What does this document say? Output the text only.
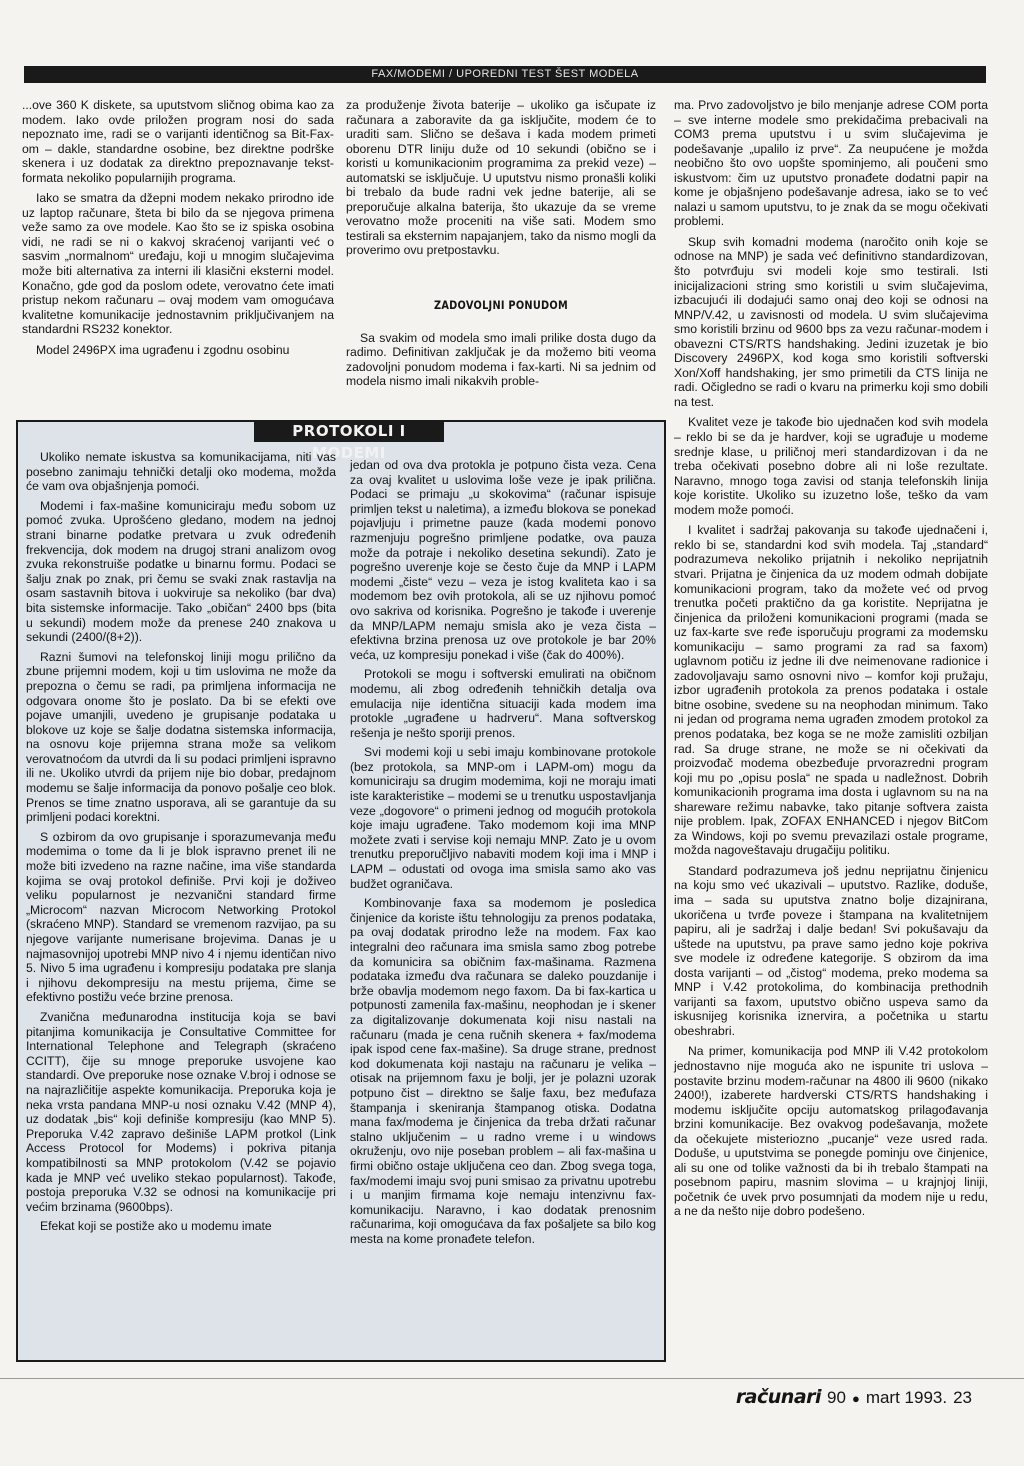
FAX/MODEMI / UPOREDNI TEST ŠEST MODELA

...ove 360 K diskete, sa uputstvom sličnog obima kao za modem. Iako ovde priložen program nosi do sada nepoznato ime, radi se o varijanti identičnog sa Bit-Fax-om – dakle, standardne osobine, bez direktne podrške skenera i uz dodatak za direktno prepoznavanje tekst-formata nekoliko popularnijih programa.

Iako se smatra da džepni modem nekako prirodno ide uz laptop računare, šteta bi bilo da se njegova primena veže samo za ove modele. Kao što se iz spiska osobina vidi, ne radi se ni o kakvoj skraćenoj varijanti već o sasvim „normalnom“ uređaju, koji u mnogim slučajevima može biti alternativa za interni ili klasični eksterni model. Konačno, gde god da poslom odete, verovatno ćete imati pristup nekom računaru – ovaj modem vam omogućava kvalitetne komunikacije jednostavnim priključivanjem na standardni RS232 konektor.

Model 2496PX ima ugrađenu i zgodnu osobinu

za produženje života baterije – ukoliko ga isčupate iz računara a zaboravite da ga isključite, modem će to uraditi sam. Slično se dešava i kada modem primeti oborenu DTR liniju duže od 10 sekundi (obično se i koristi u komunikacionim programima za prekid veze) – automatski se isključuje. U uputstvu nismo pronašli koliki bi trebalo da bude radni vek jedne baterije, ali se preporučuje alkalna baterija, što ukazuje da se vreme verovatno može proceniti na više sati. Modem smo testirali sa eksternim napajanjem, tako da nismo mogli da proverimo ovu pretpostavku.

ZADOVOLJNI PONUDOM

Sa svakim od modela smo imali prilike dosta dugo da radimo. Definitivan zaključak je da možemo biti veoma zadovoljni ponudom modema i fax-karti. Ni sa jednim od modela nismo imali nikakvih proble-

ma. Prvo zadovoljstvo je bilo menjanje adrese COM porta – sve interne modele smo prekidačima prebacivali na COM3 prema uputstvu i u svim slučajevima je podešavanje „upalilo iz prve“. Za neupućene je možda neobično što ovo uopšte spominjemo, ali poučeni smo iskustvom: čim uz uputstvo pronađete dodatni papir na kome je objašnjeno podešavanje adresa, iako se to već nalazi u samom uputstvu, to je znak da se mogu očekivati problemi.

Skup svih komadni modema (naročito onih koje se odnose na MNP) je sada već definitivno standardizovan, što potvrđuju svi modeli koje smo testirali. Isti inicijalizacioni string smo koristili u svim slučajevima, izbacujući ili dodajući samo onaj deo koji se odnosi na MNP/V.42, u zavisnosti od modela. U svim slučajevima smo koristili brzinu od 9600 bps za vezu računar-modem i obavezni CTS/RTS handshaking. Jedini izuzetak je bio Discovery 2496PX, kod koga smo koristili softverski Xon/Xoff handshaking, jer smo primetili da CTS linija ne radi. Očigledno se radi o kvaru na primerku koji smo dobili na test.

Kvalitet veze je takođe bio ujednačen kod svih modela – reklo bi se da je hardver, koji se ugrađuje u modeme srednje klase, u priličnoj meri standardizovan i da ne treba očekivati posebno dobre ali ni loše rezultate. Naravno, mnogo toga zavisi od stanja telefonskih linija koje koristite. Ukoliko su izuzetno loše, teško da vam modem može pomoći.

I kvalitet i sadržaj pakovanja su takođe ujednačeni i, reklo bi se, standardni kod svih modela. Taj „standard“ podrazumeva nekoliko prijatnih i nekoliko neprijatnih stvari. Prijatna je činjenica da uz modem odmah dobijate komunikacioni program, tako da možete već od prvog trenutka početi praktično da ga koristite. Neprijatna je činjenica da priloženi komunikacioni programi (mada se uz fax-karte sve ređe isporučuju programi za modemsku komunikaciju – samo programi za rad sa faxom) uglavnom potiču iz jedne ili dve neimenovane radionice i zadovoljavaju samo osnovni nivo – komfor koji pružaju, izbor ugrađenih protokola za prenos podataka i ostale bitne osobine, svedene su na neophodan minimum. Tako ni jedan od programa nema ugrađen zmodem protokol za prenos podataka, bez koga se ne može zamisliti ozbiljan rad. Sa druge strane, ne može se ni očekivati da proizvođač modema obezbeđuje prvorazredni program koji mu po „opisu posla“ ne spada u nadležnost. Dobrih komunikacionih programa ima dosta i uglavnom su na na shareware režimu nabavke, tako pitanje softvera zaista nije problem. Ipak, ZOFAX ENHANCED i njegov BitCom za Windows, koji po svemu prevazilazi ostale programe, možda nagoveštavaju drugačiju politiku.

Standard podrazumeva još jednu neprijatnu činjenicu na koju smo već ukazivali – uputstvo. Razlike, doduše, ima – sada su uputstva znatno bolje dizajnirana, ukoričena u tvrđe poveze i štampana na kvalitetnijem papiru, ali je sadržaj i dalje bedan! Svi pokušavaju da uštede na uputstvu, pa prave samo jedno koje pokriva sve modele iz određene kategorije. S obzirom da ima dosta varijanti – od „čistog“ modema, preko modema sa MNP i V.42 protokolima, do kombinacija prethodnih varijanti sa faxom, uputstvo obično uspeva samo da iskusnijeg korisnika iznervira, a početnika u startu obeshrabri.

Na primer, komunikacija pod MNP ili V.42 protokolom jednostavno nije moguća ako ne ispunite tri uslova – postavite brzinu modem-računar na 4800 ili 9600 (nikako 2400!), izaberete hardverski CTS/RTS handshaking i modemu isključite opciju automatskog prilagođavanja brzini komunikacije. Bez ovakvog podešavanja, možete da očekujete misteriozno „pucanje“ veze usred rada. Doduše, u uputstvima se ponegde pominju ove činjenice, ali su one od tolike važnosti da bi ih trebalo štampati na posebnom papiru, masnim slovima – u krajnjoj liniji, početnik će uvek prvo posumnjati da modem nije u redu, a ne da nešto nije dobro podešeno.

PROTOKOLI I MODEMI

Ukoliko nemate iskustva sa komunikacijama, niti vas posebno zanimaju tehnički detalji oko modema, možda će vam ova objašnjenja pomoći.

Modemi i fax-mašine komuniciraju među sobom uz pomoć zvuka. Uprošćeno gledano, modem na jednoj strani binarne podatke pretvara u zvuk određenih frekvencija, dok modem na drugoj strani analizom ovog zvuka rekonstruiše podatke u binarnu formu. Podaci se šalju znak po znak, pri čemu se svaki znak rastavlja na osam sastavnih bitova i uokviruje sa nekoliko (bar dva) bita sistemske informacije. Tako „običan“ 2400 bps (bita u sekundi) modem može da prenese 240 znakova u sekundi (2400/(8+2)).

Razni šumovi na telefonskoj liniji mogu prilično da zbune prijemni modem, koji u tim uslovima ne može da prepozna o čemu se radi, pa primljena informacija ne odgovara onome što je poslato. Da bi se efekti ove pojave umanjili, uvedeno je grupisanje podataka u blokove uz koje se šalje dodatna sistemska informacija, na osnovu koje prijemna strana može sa velikom verovatnoćom da utvrdi da li su podaci primljeni ispravno ili ne. Ukoliko utvrdi da prijem nije bio dobar, predajnom modemu se šalje informacija da ponovo pošalje ceo blok. Prenos se time znatno usporava, ali se garantuje da su primljeni podaci korektni.

S ozbirom da ovo grupisanje i sporazumevanja među modemima o tome da li je blok ispravno prenet ili ne može biti izvedeno na razne načine, ima više standarda kojima se ovaj protokol definiše. Prvi koji je doživeo veliku popularnost je nezvanični standard firme „Microcom“ nazvan Microcom Networking Protokol (skraćeno MNP). Standard se vremenom razvijao, pa su njegove varijante numerisane brojevima. Danas je u najmasovnijoj upotrebi MNP nivo 4 i njemu identičan nivo 5. Nivo 5 ima ugrađenu i kompresiju podataka pre slanja i njihovu dekompresiju na mestu prijema, čime se efektivno postižu veće brzine prenosa.

Zvanična međunarodna institucija koja se bavi pitanjima komunikacija je Consultative Committee for International Telephone and Telegraph (skraćeno CCITT), čije su mnoge preporuke usvojene kao standardi. Ove preporuke nose oznake V.broj i odnose se na najrazličitije aspekte komunikacija. Preporuka koja je neka vrsta pandana MNP-u nosi oznaku V.42 (MNP 4), uz dodatak „bis“ koji definiše kompresiju (kao MNP 5). Preporuka V.42 zapravo dešiniše LAPM protkol (Link Access Protocol for Modems) i pokriva pitanja kompatibilnosti sa MNP protokolom (V.42 se pojavio kada je MNP već uveliko stekao popularnost). Takođe, postoja preporuka V.32 se odnosi na komunikacije pri većim brzinama (9600bps).

Efekat koji se postiže ako u modemu imate

jedan od ova dva protokla je potpuno čista veza. Cena za ovaj kvalitet u uslovima loše veze je ipak prilična. Podaci se primaju „u skokovima“ (računar ispisuje primljen tekst u naletima), a između blokova se ponekad pojavljuju i primetne pauze (kada modemi ponovo razmenjuju pogrešno primljene podatke, ova pauza može da potraje i nekoliko desetina sekundi). Zato je pogrešno uverenje koje se često čuje da MNP i LAPM modemi „čiste“ vezu – veza je istog kvaliteta kao i sa modemom bez ovih protokola, ali se uz njihovu pomoć ovo sakriva od korisnika. Pogrešno je takođe i uverenje da MNP/LAPM nemaju smisla ako je veza čista – efektivna brzina prenosa uz ove protokole je bar 20% veća, uz kompresiju ponekad i više (čak do 400%).

Protokoli se mogu i softverski emulirati na običnom modemu, ali zbog određenih tehničkih detalja ova emulacija nije identična situaciji kada modem ima protokle „ugrađene u hadrveru“. Mana softverskog rešenja je nešto sporiji prenos.

Svi modemi koji u sebi imaju kombinovane protokole (bez protokola, sa MNP-om i LAPM-om) mogu da komuniciraju sa drugim modemima, koji ne moraju imati iste karakteristike – modemi se u trenutku uspostavljanja veze „dogovore“ o primeni jednog od mogućih protokola koje imaju ugrađene. Tako modemom koji ima MNP možete zvati i servise koji nemaju MNP. Zato je u ovom trenutku preporučljivo nabaviti modem koji ima i MNP i LAPM – odustati od ovoga ima smisla samo ako vas budžet ograničava.

Kombinovanje faxa sa modemom je posledica činjenice da koriste ištu tehnologiju za prenos podataka, pa ovaj dodatak prirodno leže na modem. Fax kao integralni deo računara ima smisla samo zbog potrebe da komunicira sa običnim fax-mašinama. Razmena podataka između dva računara se daleko pouzdanije i brže obavlja modemom nego faxom. Da bi fax-kartica u potpunosti zamenila fax-mašinu, neophodan je i skener za digitalizovanje dokumenata koji nisu nastali na računaru (mada je cena ručnih skenera + fax/modema ipak ispod cene fax-mašine). Sa druge strane, prednost kod dokumenata koji nastaju na računaru je velika – otisak na prijemnom faxu je bolji, jer je polazni uzorak potpuno čist – direktno se šalje faxu, bez međufaza štampanja i skeniranja štampanog otiska. Dodatna mana fax/modema je činjenica da treba držati računar stalno uključenim – u radno vreme i u windows okruženju, ovo nije poseban problem – ali fax-mašina u firmi obično ostaje uključena ceo dan. Zbog svega toga, fax/modemi imaju svoj puni smisao za privatnu upotrebu i u manjim firmama koje nemaju intenzivnu fax-komunikaciju. Naravno, i kao dodatak prenosnim računarima, koji omogućava da fax pošaljete sa bilo kog mesta na kome pronađete telefon.

računari 90 ● mart 1993. 23
